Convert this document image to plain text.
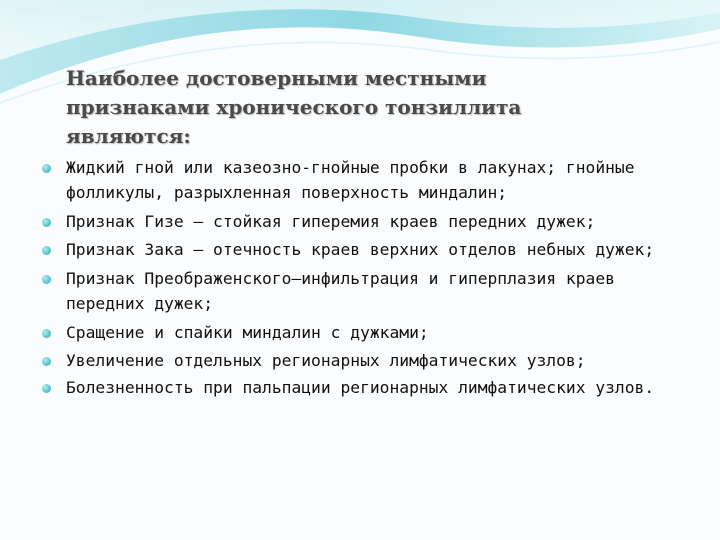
Наиболее достоверными местными
признаками хронического тонзиллита
являются:
Жидкий гной или казеозно-гнойные пробки в лакунах; гнойные фолликулы, разрыхленная поверхность миндалин;
Признак Гизе — стойкая гиперемия краев передних дужек;
Признак Зака — отечность краев верхних отделов небных дужек;
Признак Преображенского—инфильтрация и гиперплазия краев передних дужек;
Сращение и спайки миндалин с дужками;
Увеличение отдельных регионарных лимфатических узлов;
Болезненность при пальпации регионарных лимфатических узлов.
